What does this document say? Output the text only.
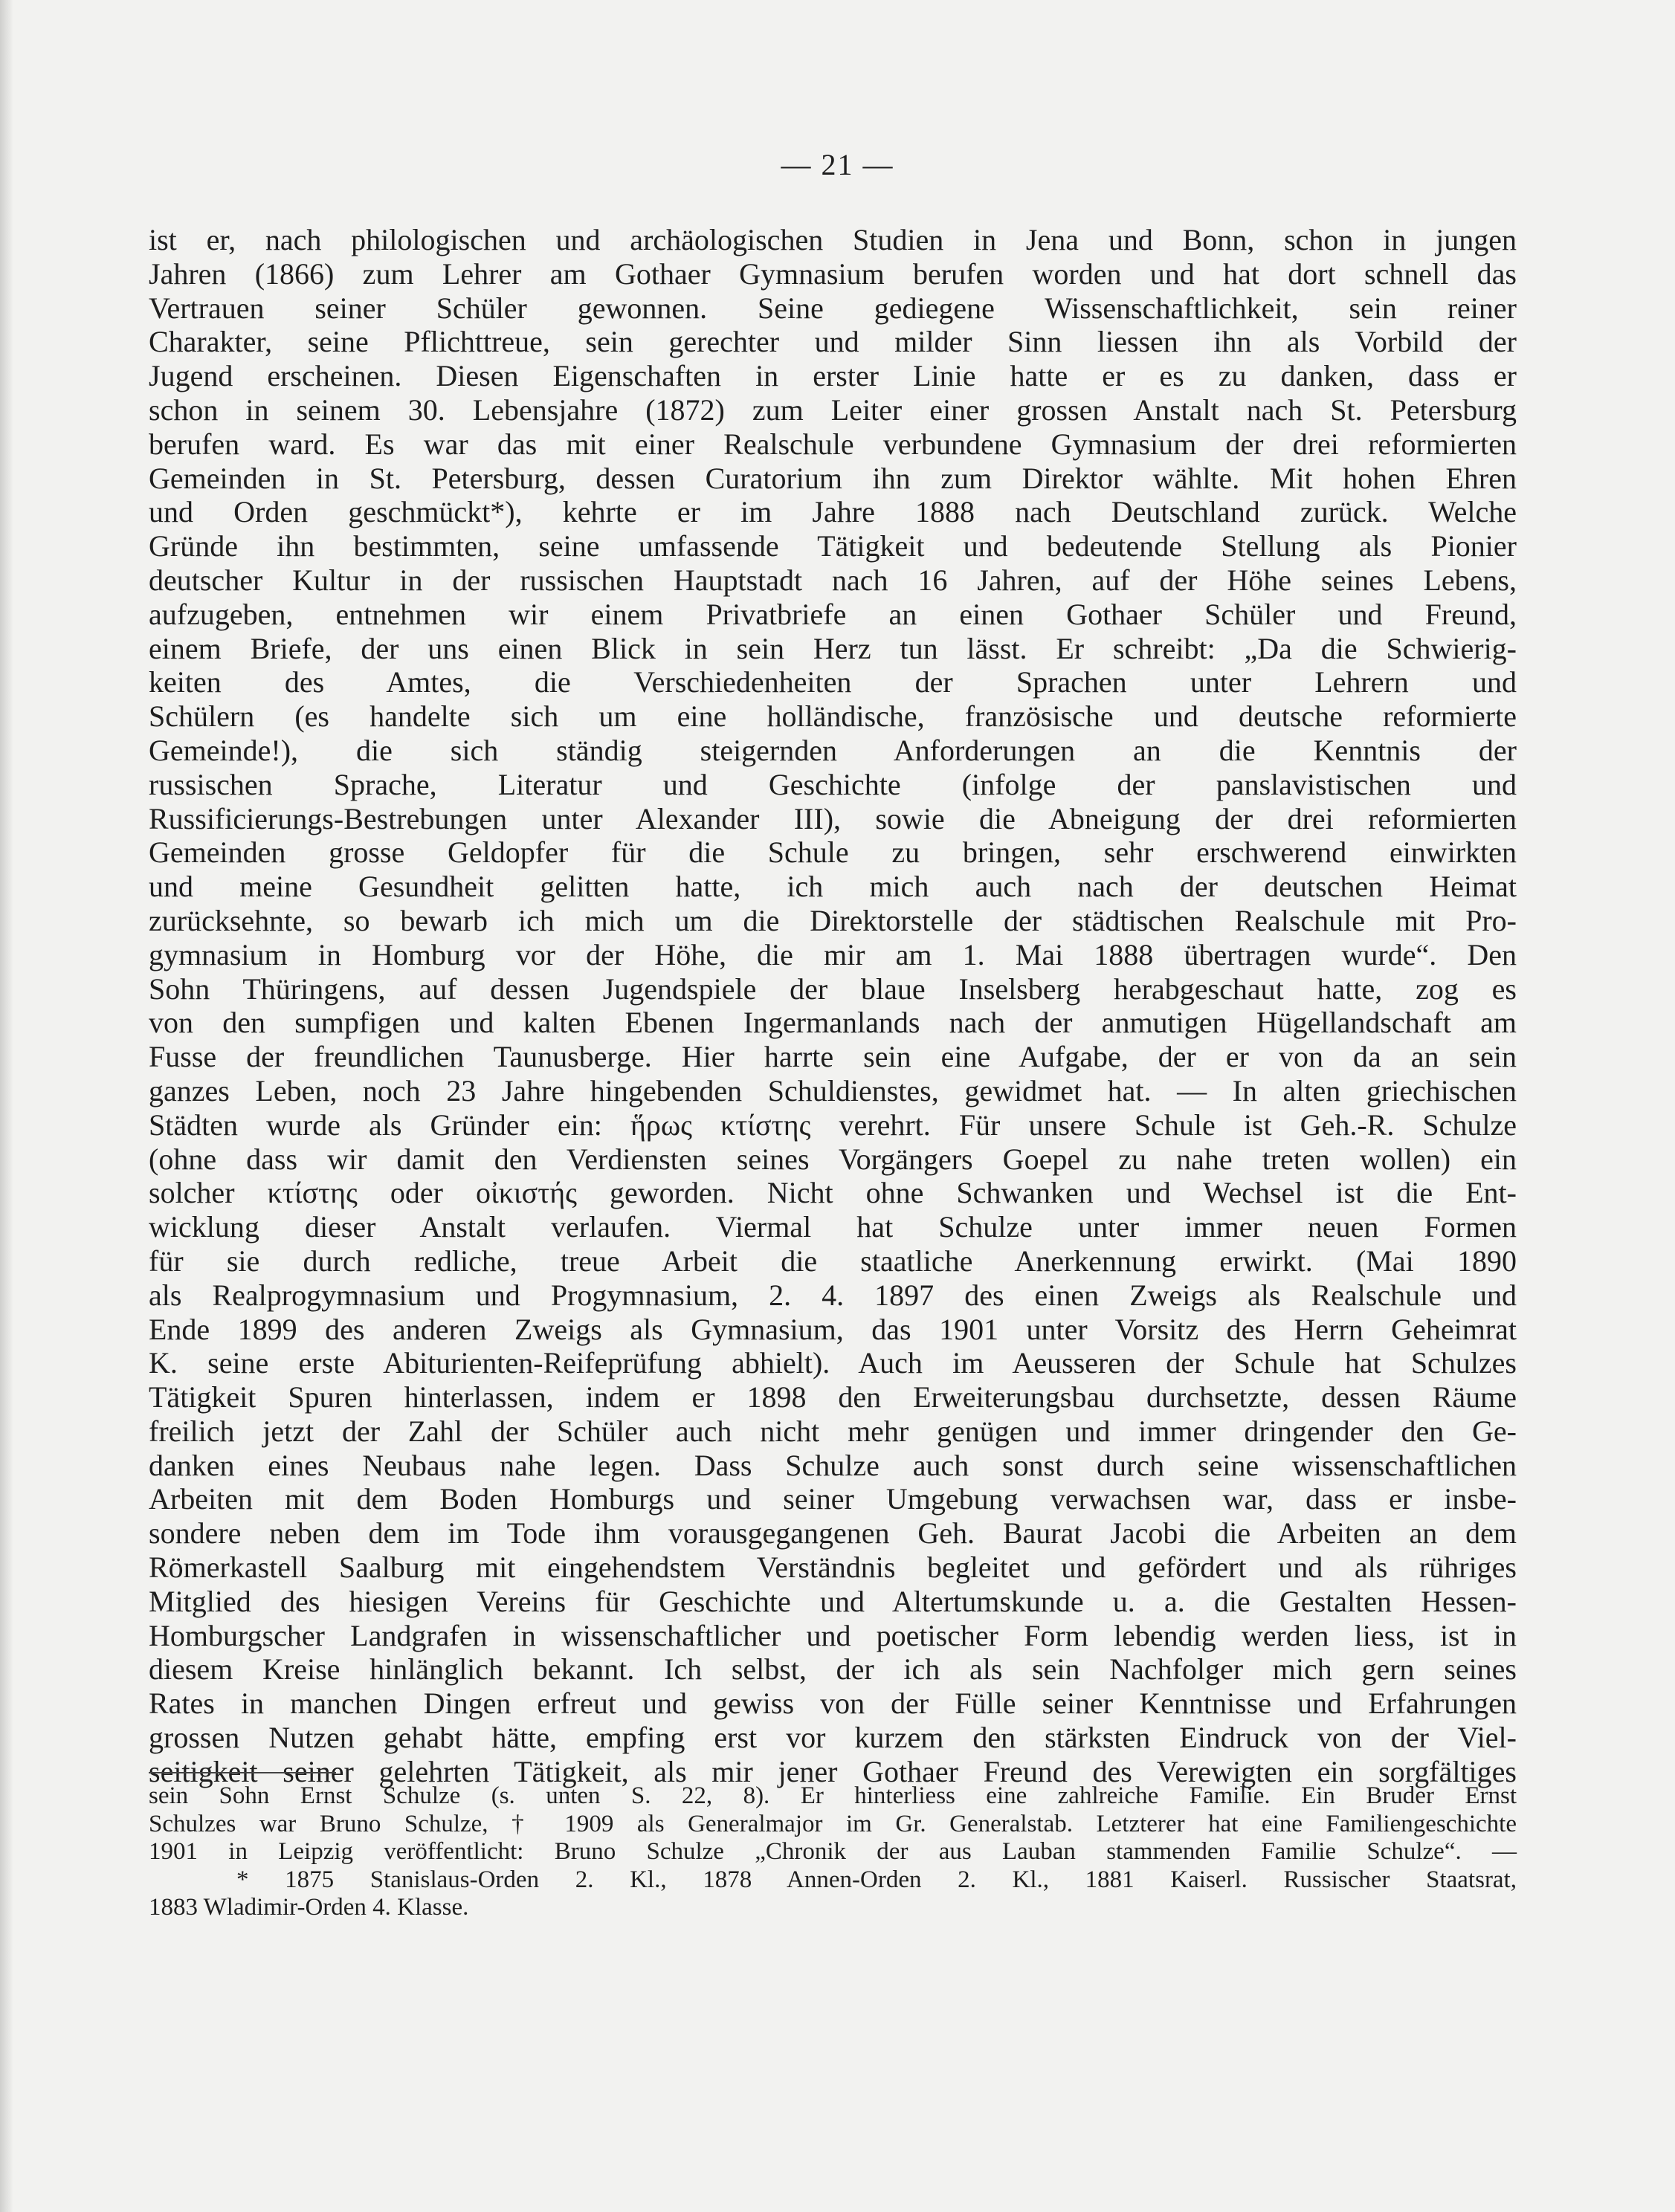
— 21 —
ist er, nach philologischen und archäologischen Studien in Jena und Bonn, schon in jungen
Jahren (1866) zum Lehrer am Gothaer Gymnasium berufen worden und hat dort schnell das
Vertrauen seiner Schüler gewonnen. Seine gediegene Wissenschaftlichkeit, sein reiner
Charakter, seine Pflichttreue, sein gerechter und milder Sinn liessen ihn als Vorbild der
Jugend erscheinen. Diesen Eigenschaften in erster Linie hatte er es zu danken, dass er
schon in seinem 30. Lebensjahre (1872) zum Leiter einer grossen Anstalt nach St. Petersburg
berufen ward. Es war das mit einer Realschule verbundene Gymnasium der drei reformierten
Gemeinden in St. Petersburg, dessen Curatorium ihn zum Direktor wählte. Mit hohen Ehren
und Orden geschmückt*), kehrte er im Jahre 1888 nach Deutschland zurück. Welche
Gründe ihn bestimmten, seine umfassende Tätigkeit und bedeutende Stellung als Pionier
deutscher Kultur in der russischen Hauptstadt nach 16 Jahren, auf der Höhe seines Lebens,
aufzugeben, entnehmen wir einem Privatbriefe an einen Gothaer Schüler und Freund,
einem Briefe, der uns einen Blick in sein Herz tun lässt. Er schreibt: „Da die Schwierig-
keiten des Amtes, die Verschiedenheiten der Sprachen unter Lehrern und
Schülern (es handelte sich um eine holländische, französische und deutsche reformierte
Gemeinde!), die sich ständig steigernden Anforderungen an die Kenntnis der
russischen Sprache, Literatur und Geschichte (infolge der panslavistischen und
Russificierungs-Bestrebungen unter Alexander III), sowie die Abneigung der drei reformierten
Gemeinden grosse Geldopfer für die Schule zu bringen, sehr erschwerend einwirkten
und meine Gesundheit gelitten hatte, ich mich auch nach der deutschen Heimat
zurücksehnte, so bewarb ich mich um die Direktorstelle der städtischen Realschule mit Pro-
gymnasium in Homburg vor der Höhe, die mir am 1. Mai 1888 übertragen wurde“. Den
Sohn Thüringens, auf dessen Jugendspiele der blaue Inselsberg herabgeschaut hatte, zog es
von den sumpfigen und kalten Ebenen Ingermanlands nach der anmutigen Hügellandschaft am
Fusse der freundlichen Taunusberge. Hier harrte sein eine Aufgabe, der er von da an sein
ganzes Leben, noch 23 Jahre hingebenden Schuldienstes, gewidmet hat. — In alten griechischen
Städten wurde als Gründer ein: ἥρως κτίστης verehrt. Für unsere Schule ist Geh.-R. Schulze
(ohne dass wir damit den Verdiensten seines Vorgängers Goepel zu nahe treten wollen) ein
solcher κτίστης oder οἰκιστής geworden. Nicht ohne Schwanken und Wechsel ist die Ent-
wicklung dieser Anstalt verlaufen. Viermal hat Schulze unter immer neuen Formen
für sie durch redliche, treue Arbeit die staatliche Anerkennung erwirkt. (Mai 1890
als Realprogymnasium und Progymnasium, 2. 4. 1897 des einen Zweigs als Realschule und
Ende 1899 des anderen Zweigs als Gymnasium, das 1901 unter Vorsitz des Herrn Geheimrat
K. seine erste Abiturienten-Reifeprüfung abhielt). Auch im Aeusseren der Schule hat Schulzes
Tätigkeit Spuren hinterlassen, indem er 1898 den Erweiterungsbau durchsetzte, dessen Räume
freilich jetzt der Zahl der Schüler auch nicht mehr genügen und immer dringender den Ge-
danken eines Neubaus nahe legen. Dass Schulze auch sonst durch seine wissenschaftlichen
Arbeiten mit dem Boden Homburgs und seiner Umgebung verwachsen war, dass er insbe-
sondere neben dem im Tode ihm vorausgegangenen Geh. Baurat Jacobi die Arbeiten an dem
Römerkastell Saalburg mit eingehendstem Verständnis begleitet und gefördert und als rühriges
Mitglied des hiesigen Vereins für Geschichte und Altertumskunde u. a. die Gestalten Hessen-
Homburgscher Landgrafen in wissenschaftlicher und poetischer Form lebendig werden liess, ist in
diesem Kreise hinlänglich bekannt. Ich selbst, der ich als sein Nachfolger mich gern seines
Rates in manchen Dingen erfreut und gewiss von der Fülle seiner Kenntnisse und Erfahrungen
grossen Nutzen gehabt hätte, empfing erst vor kurzem den stärksten Eindruck von der Viel-
seitigkeit seiner gelehrten Tätigkeit, als mir jener Gothaer Freund des Verewigten ein sorgfältiges
sein Sohn Ernst Schulze (s. unten S. 22, 8). Er hinterliess eine zahlreiche Familie. Ein Bruder Ernst
Schulzes war Bruno Schulze, † 1909 als Generalmajor im Gr. Generalstab. Letzterer hat eine Familiengeschichte
1901 in Leipzig veröffentlicht: Bruno Schulze „Chronik der aus Lauban stammenden Familie Schulze“. —
* 1875 Stanislaus-Orden 2. Kl., 1878 Annen-Orden 2. Kl., 1881 Kaiserl. Russischer Staatsrat,
1883 Wladimir-Orden 4. Klasse.
